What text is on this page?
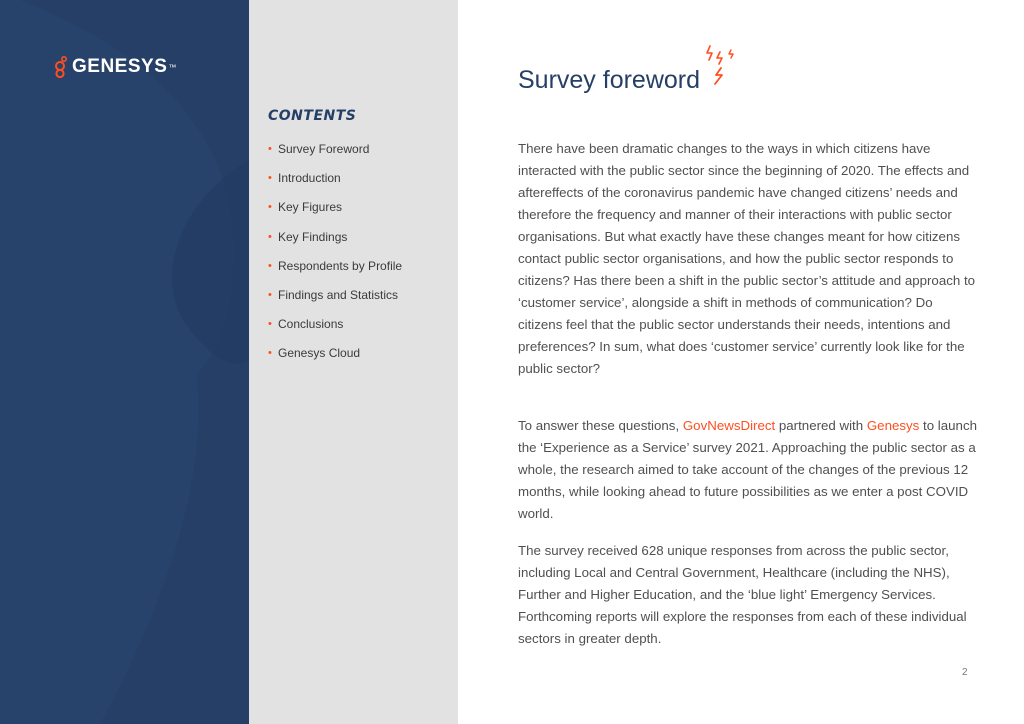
GENESYS ™
CONTENTS
• Survey Foreword
• Introduction
• Key Figures
• Key Findings
• Respondents by Profile
• Findings and Statistics
• Conclusions
• Genesys Cloud
Survey foreword

There have been dramatic changes to the ways in which citizens have interacted with the public sector since the beginning of 2020. The effects and aftereffects of the coronavirus pandemic have changed citizens’ needs and therefore the frequency and manner of their interactions with public sector organisations. But what exactly have these changes meant for how citizens contact public sector organisations, and how the public sector responds to citizens? Has there been a shift in the public sector’s attitude and approach to ‘customer service’, alongside a shift in methods of communication? Do citizens feel that the public sector understands their needs, intentions and preferences? In sum, what does ‘customer service’ currently look like for the public sector?

To answer these questions, GovNewsDirect partnered with Genesys to launch the ‘Experience as a Service’ survey 2021. Approaching the public sector as a whole, the research aimed to take account of the changes of the previous 12 months, while looking ahead to future possibilities as we enter a post COVID world.

The survey received 628 unique responses from across the public sector, including Local and Central Government, Healthcare (including the NHS), Further and Higher Education, and the ‘blue light’ Emergency Services. Forthcoming reports will explore the responses from each of these individual sectors in greater depth.

2
